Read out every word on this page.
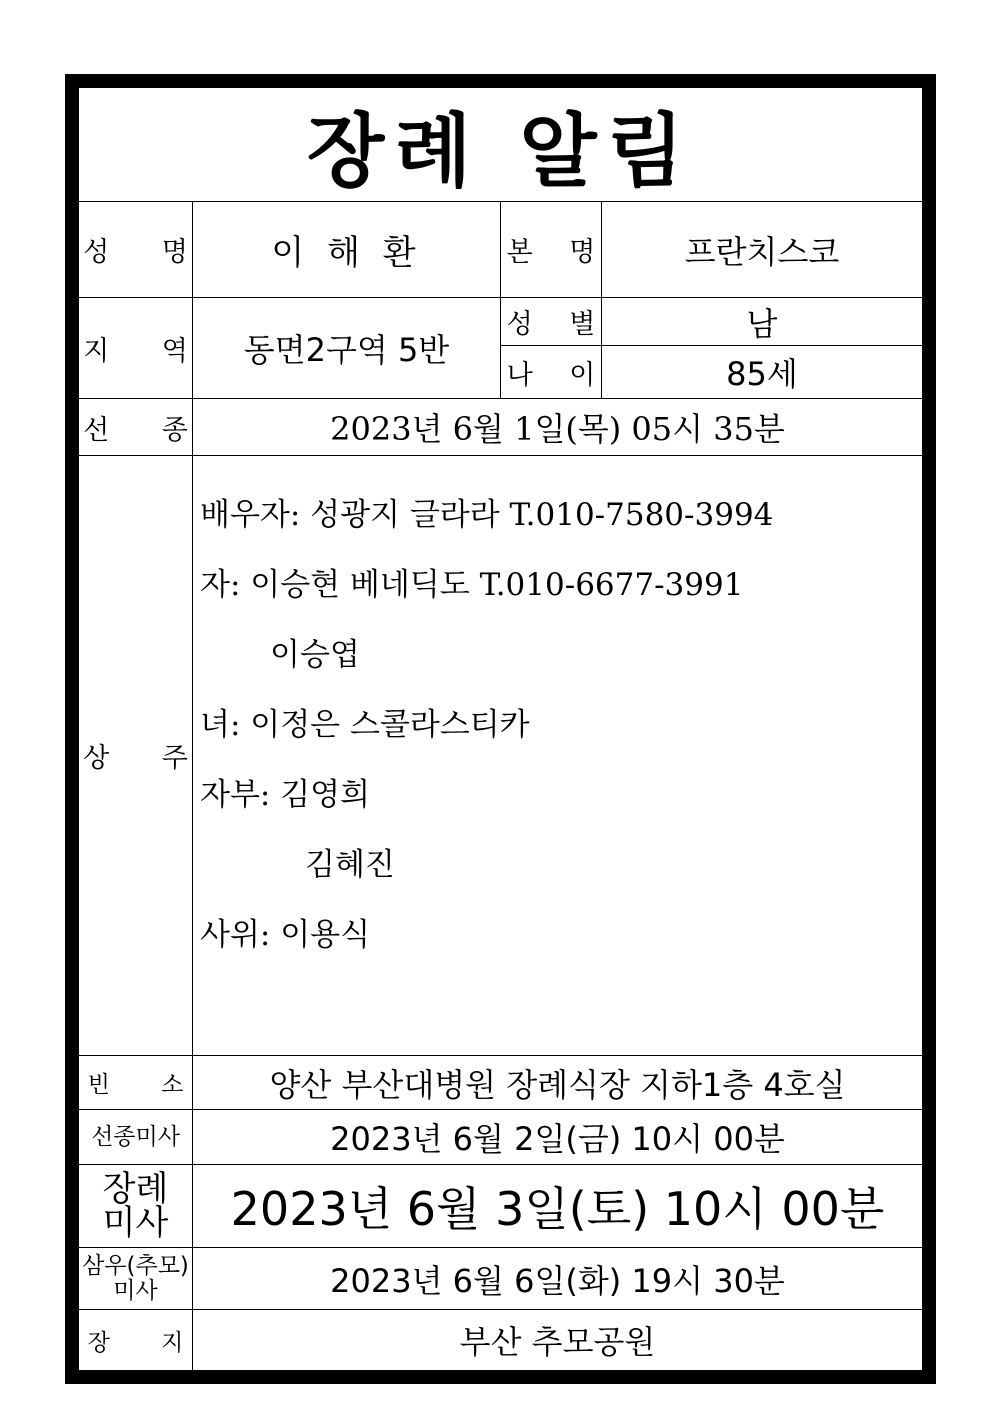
장례 알림
성 명	이 해 환	본 명	프란치스코
지 역	동면2구역 5반
성 별	남
나 이	85세
선 종	2023년 6월 1일(목) 05시 35분
상 주
배우자: 성광지 글라라 T.010-7580-3994
자: 이승현 베네딕도 T.010-6677-3991
이승엽
녀: 이정은 스콜라스티카
자부: 김영희
김혜진
사위: 이용식
빈 소	양산 부산대병원 장례식장 지하1층 4호실
선종미사	2023년 6월 2일(금) 10시 00분
장례
미사	2023년 6월 3일(토) 10시 00분
삼우(추모)
미사	2023년 6월 6일(화) 19시 30분
장 지	부산 추모공원
